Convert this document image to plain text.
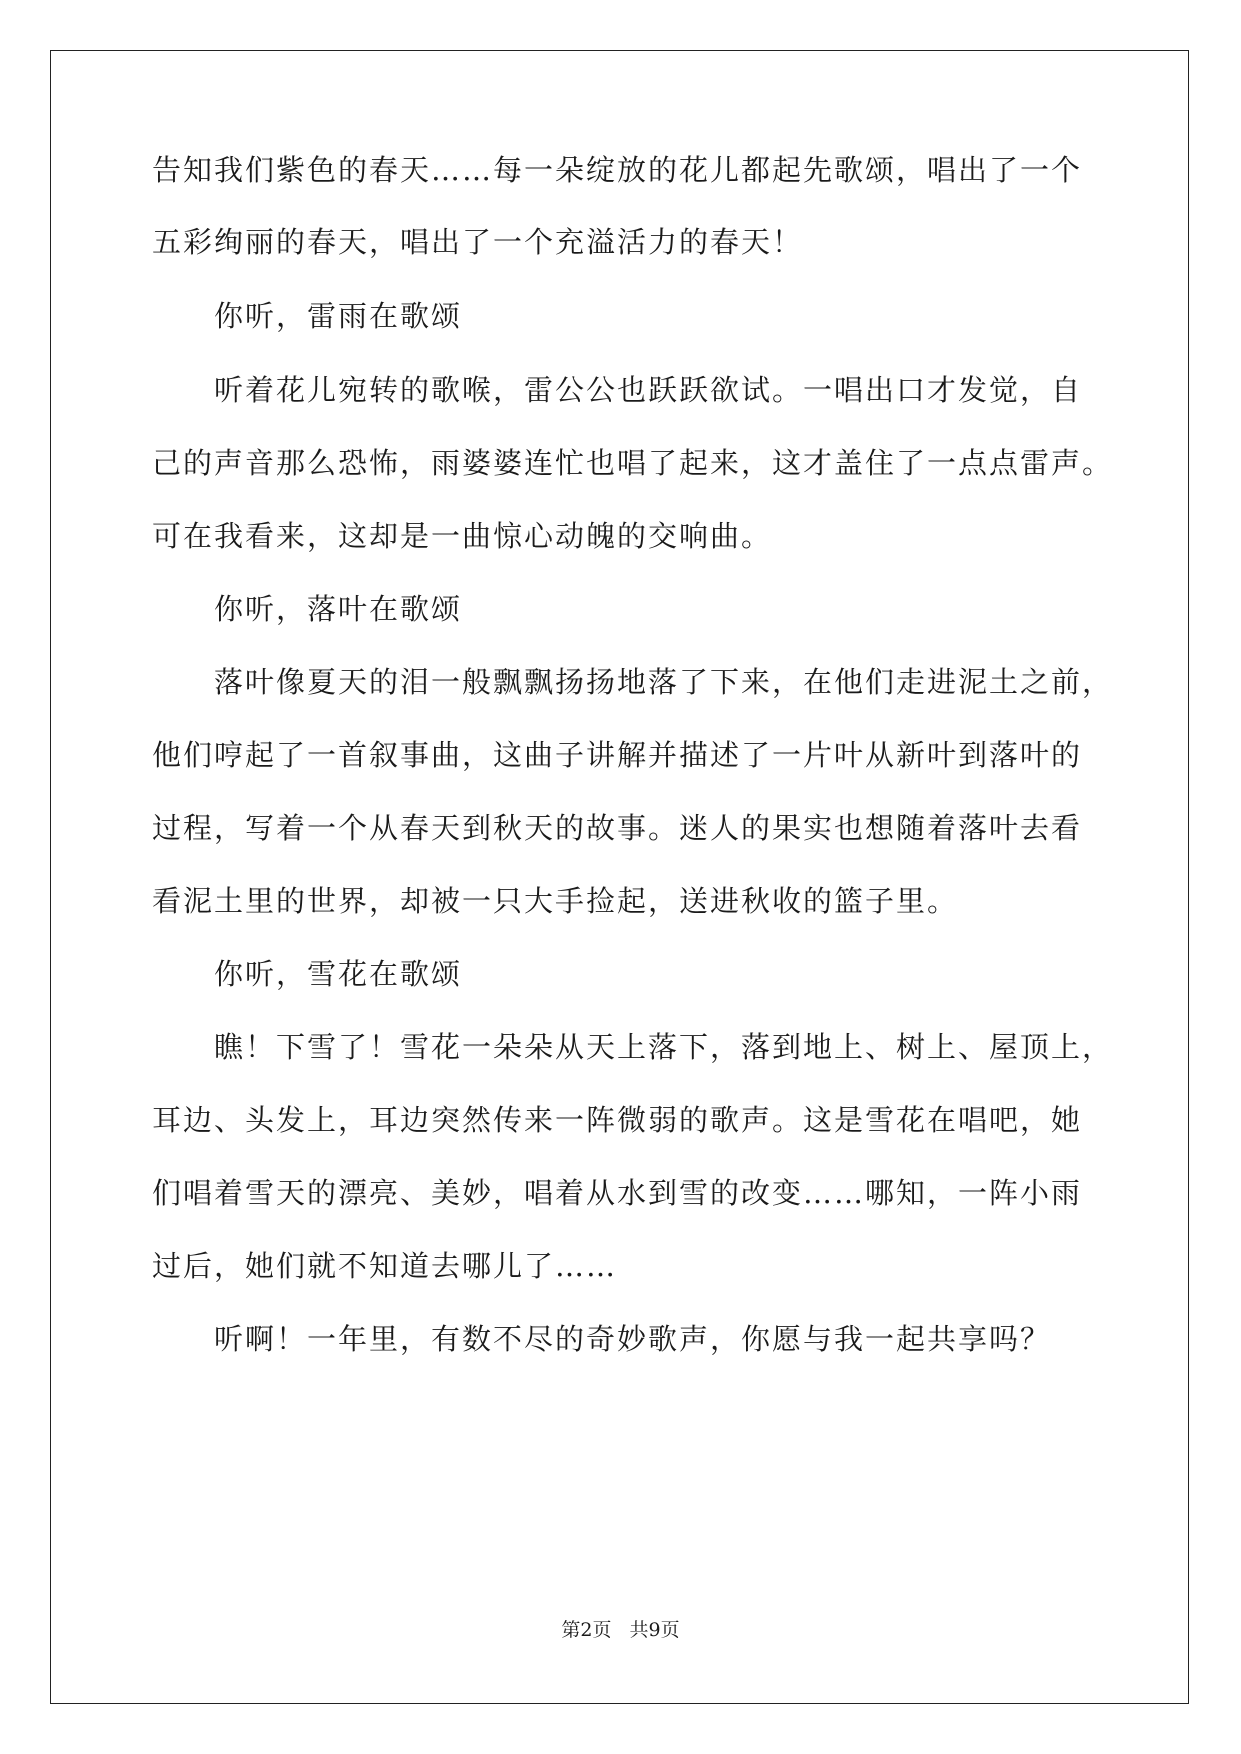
告知我们紫色的春天……每一朵绽放的花儿都起先歌颂，唱出了一个
五彩绚丽的春天，唱出了一个充溢活力的春天！
你听，雷雨在歌颂
听着花儿宛转的歌喉，雷公公也跃跃欲试。一唱出口才发觉，自
己的声音那么恐怖，雨婆婆连忙也唱了起来，这才盖住了一点点雷声。
可在我看来，这却是一曲惊心动魄的交响曲。
你听，落叶在歌颂
落叶像夏天的泪一般飘飘扬扬地落了下来，在他们走进泥土之前，
他们哼起了一首叙事曲，这曲子讲解并描述了一片叶从新叶到落叶的
过程，写着一个从春天到秋天的故事。迷人的果实也想随着落叶去看
看泥土里的世界，却被一只大手捡起，送进秋收的篮子里。
你听，雪花在歌颂
瞧！下雪了！雪花一朵朵从天上落下，落到地上、树上、屋顶上，
耳边、头发上，耳边突然传来一阵微弱的歌声。这是雪花在唱吧，她
们唱着雪天的漂亮、美妙，唱着从水到雪的改变……哪知，一阵小雨
过后，她们就不知道去哪儿了……
听啊！一年里，有数不尽的奇妙歌声，你愿与我一起共享吗？
第2页 共9页
